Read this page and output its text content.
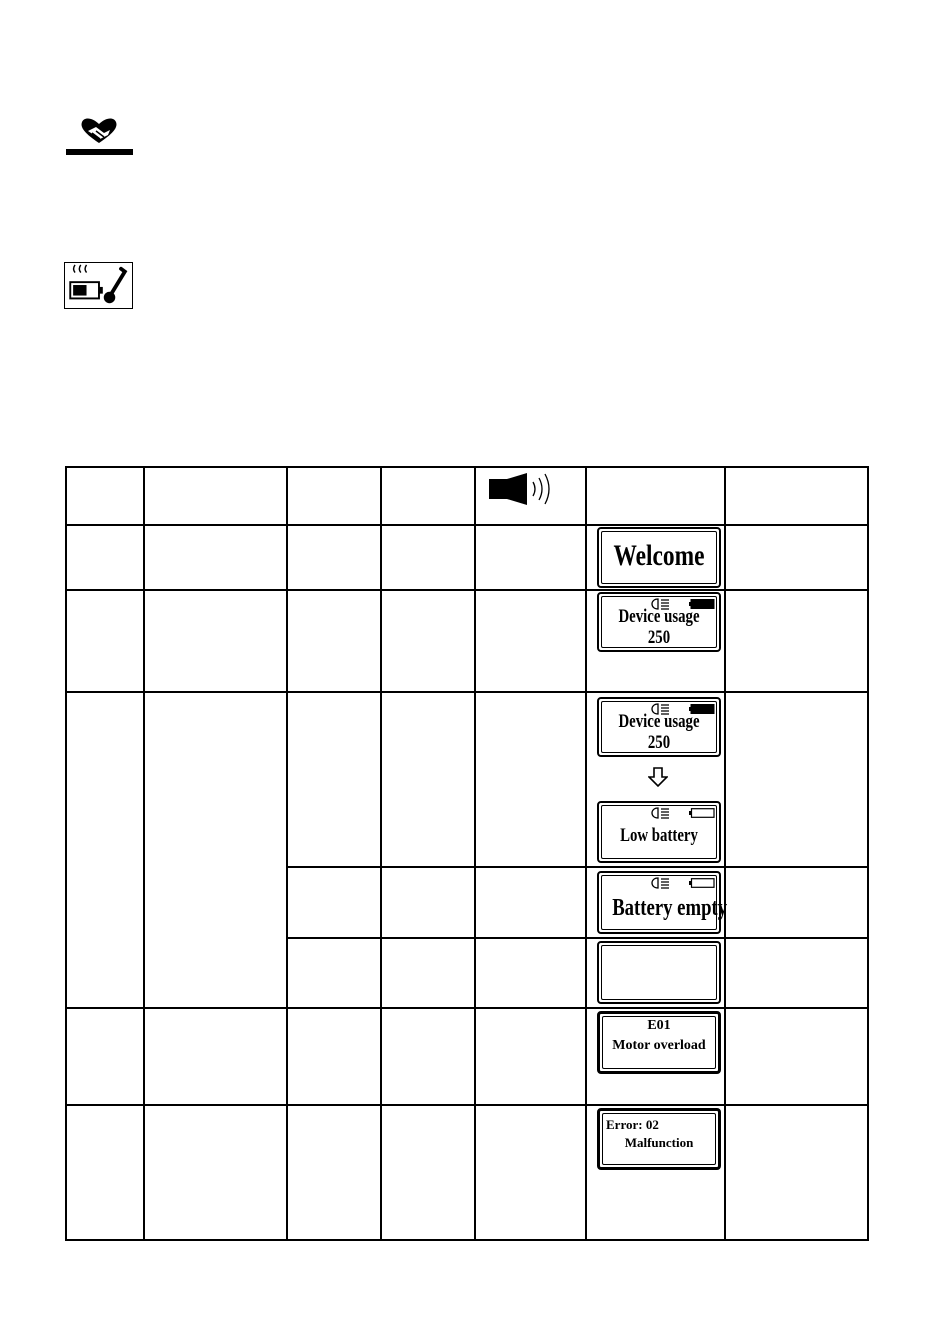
Welcome
Device usage
250
Device usage
250
Low battery
Battery empty
E01
Motor overload
Error: 02
Malfunction
